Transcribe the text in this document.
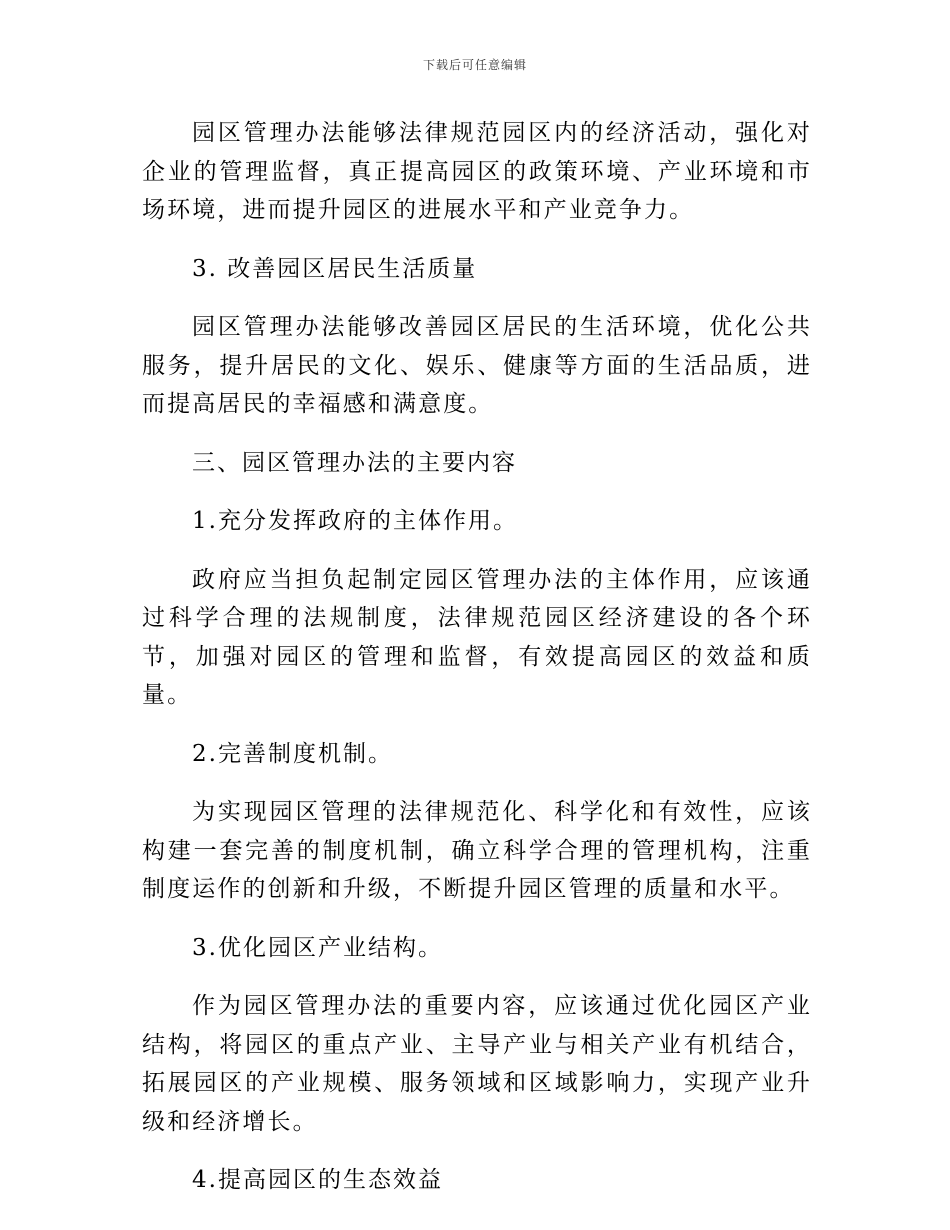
下载后可任意编辑

园区管理办法能够法律规范园区内的经济活动，强化对企业的管理监督，真正提高园区的政策环境、产业环境和市场环境，进而提升园区的进展水平和产业竞争力。

3. 改善园区居民生活质量

园区管理办法能够改善园区居民的生活环境，优化公共服务，提升居民的文化、娱乐、健康等方面的生活品质，进而提高居民的幸福感和满意度。

三、园区管理办法的主要内容

1.充分发挥政府的主体作用。

政府应当担负起制定园区管理办法的主体作用，应该通过科学合理的法规制度，法律规范园区经济建设的各个环节，加强对园区的管理和监督，有效提高园区的效益和质量。

2.完善制度机制。

为实现园区管理的法律规范化、科学化和有效性，应该构建一套完善的制度机制，确立科学合理的管理机构，注重制度运作的创新和升级，不断提升园区管理的质量和水平。

3.优化园区产业结构。

作为园区管理办法的重要内容，应该通过优化园区产业结构，将园区的重点产业、主导产业与相关产业有机结合，拓展园区的产业规模、服务领域和区域影响力，实现产业升级和经济增长。

4.提高园区的生态效益
